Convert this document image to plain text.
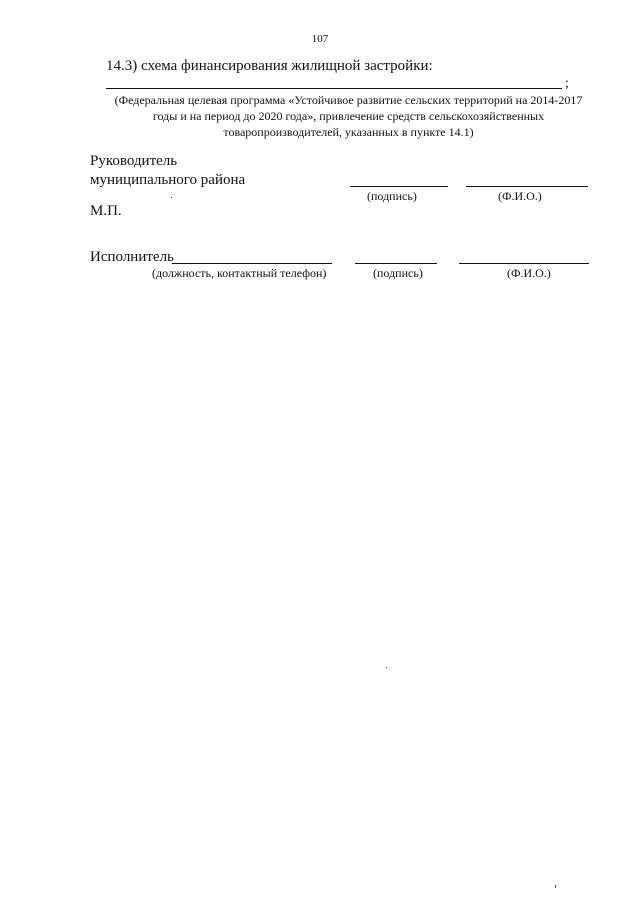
107
14.3) схема финансирования жилищной застройки:
;
(Федеральная целевая программа «Устойчивое развитие сельских территорий на 2014-2017 годы и на период до 2020 года», привлечение средств сельскохозяйственных товаропроизводителей, указанных в пункте 14.1)
Руководитель
муниципального района
(подпись)	(Ф.И.О.)
М.П.
Исполнитель
(должность, контактный телефон)	(подпись)	(Ф.И.О.)
